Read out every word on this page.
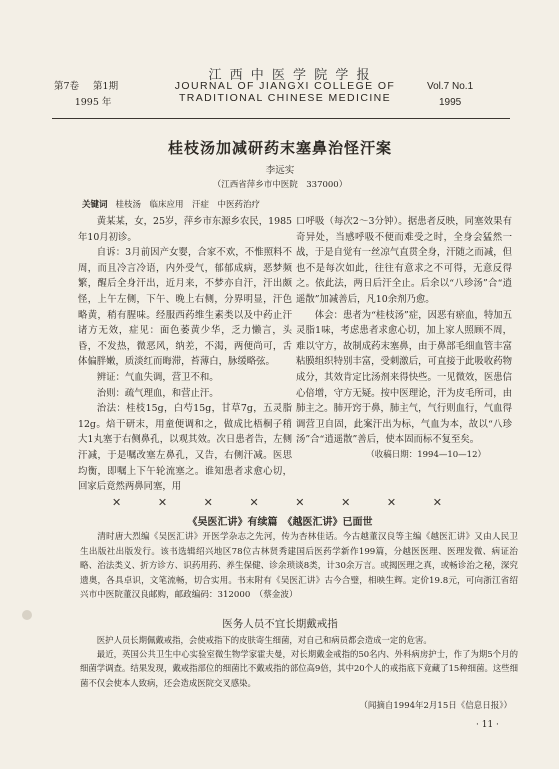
第7卷 第1期
1995 年
江 西 中 医 学 院 学 报
JOURNAL OF JIANGXI COLLEGE OF
TRADITIONAL CHINESE MEDICINE
Vol.7 No.1
1995
桂枝汤加减研药末塞鼻治怪汗案
李远实
（江西省萍乡市中医院　337000）
关键词 桂枝汤　临床应用　汗症　中医药治疗

黄某某，女，25岁，萍乡市东源乡农民，1985年10月初诊。

自诉：3月前因产女婴，合家不欢，不惟照料不周，而且冷言冷语，内外受气，郁郁成病，恶梦频繁，醒后全身汗出，近月来，不梦亦自汗，汗出颇怪，上午左侧，下午、晚上右侧，分界明显，汗色略黄，稍有腥味。经服西药维生素类以及中药止汗诸方无效，症见：面色萎黄少华，乏力懒言，头昏，不发热，微恶风，纳差，不渴，两便尚可，舌体偏胖嫩，质淡红而晦滞，苔薄白，脉缓略弦。

辨证：气血失调，营卫不和。

治则：疏气理血，和营止汗。

治法：桂枝15g，白芍15g，甘草7g，五灵脂12g。焙干研末，用童便调和之，做成比梧桐子稍大1丸塞于右侧鼻孔，以观其效。次日患者告，左侧汗减，于是嘱改塞左鼻孔，又告，右侧汗减。医思均衡，即嘱上下午轮流塞之。谁知患者求愈心切，回家后竟然两鼻同塞，用

口呼吸（每次2～3分钟）。据患者反映，同塞效果有奇异处，当感呼吸不便而难受之时，全身会猛然一战，于是自觉有一丝凉气直贯全身，汗随之而减，但也不是每次如此，往往有意求之不可得，无意反得之。依此法，两日后汗全止。后余以“八珍汤”合“逍遥散”加减善后，凡10余剂乃愈。

体会：患者为“桂枝汤”症，因恶有瘀血，特加五灵脂1味，考虑患者求愈心切，加上家人照顾不周，难以守方，故制成药末塞鼻，由于鼻部毛细血管丰富粘膜组织特别丰富，受刺激后，可直接于此吸收药物成分，其效肯定比汤剂来得快些。一见微效，医患信心倍增，守方无疑。按中医理论，汗为皮毛所司，由肺主之。肺开窍于鼻，肺主气，气行则血行，气血得调营卫自固，此案汗出为标，气血为本，故以“八珍汤”合“逍遥散”善后，使本固而标不复至矣。

（收稿日期：1994—10—12）

✕	✕	✕	✕	✕	✕	✕	✕
《吴医汇讲》有续篇　《越医汇讲》已面世

清时唐大烈编《吴医汇讲》开医学杂志之先河，传为杏林佳话。今古越董汉良等主编《越医汇讲》又由人民卫生出版社出版发行。该书选辑绍兴地区78位古林贤秀建国后医药学新作199篇，分越医医理、医理发微、病证治略、治法类义、折方诊方、识药用药、养生保健、诊余琐谈8类，计30余万言。或揭医理之真，或畅诊治之秘，深究遗奥，各具卓识，文笔流畅，切合实用。书末附有《吴医汇讲》古今合璧，相映生辉。定价19.8元，可向浙江省绍兴市中医院董汉良邮购，邮政编码：312000　（蔡金波）

医务人员不宜长期戴戒指

医护人员长期佩戴戒指，会使戒指下的皮肤寄生细菌，对自己和病员都会造成一定的危害。

最近，英国公共卫生中心实验室微生物学家霍夫曼，对长期戴金戒指的50名内、外科病房护士，作了为期5个月的细菌学调查。结果发现，戴戒指部位的细菌比不戴戒指的部位高9倍，其中20个人的戒指底下竟藏了15种细菌。这些细菌不仅会使本人致病，还会造成医院交叉感染。

（闻摘自1994年2月15日《信息日报》）
· 11 ·
